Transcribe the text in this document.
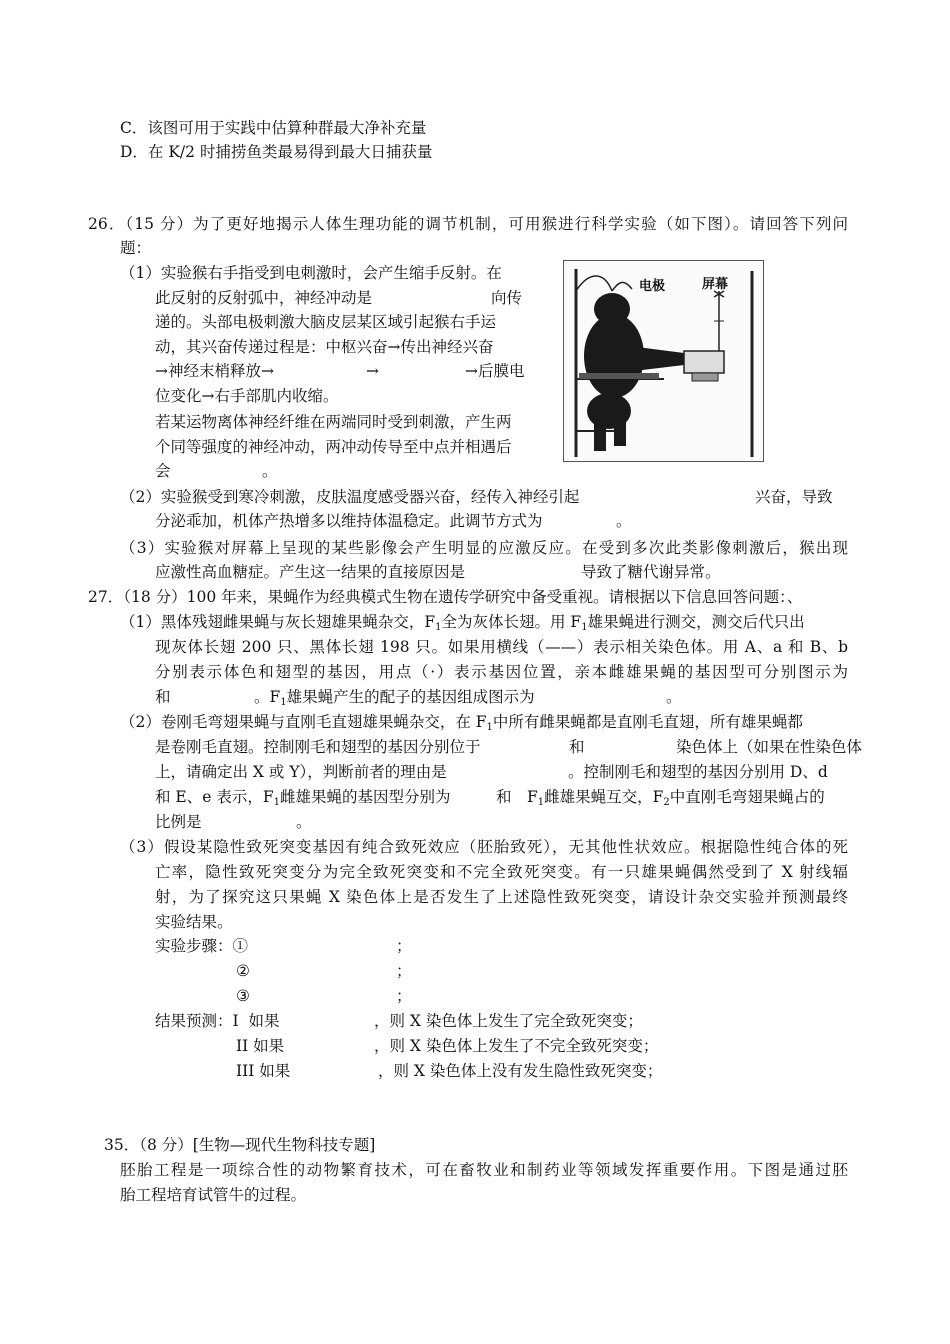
C．该图可用于实践中估算种群最大净补充量
D．在 K/2 时捕捞鱼类最易得到最大日捕获量
26．（15 分）为了更好地揭示人体生理功能的调节机制，可用猴进行科学实验（如下图）。请回答下列问
题：
（1）实验猴右手指受到电刺激时，会产生缩手反射。在
此反射的反射弧中，神经冲动是	向传
递的。头部电极刺激大脑皮层某区域引起猴右手运
动，其兴奋传递过程是：中枢兴奋→传出神经兴奋
→神经末梢释放→	→	→后膜电
位变化→右手部肌内收缩。
若某运物离体神经纤维在两端同时受到刺激，产生两
个同等强度的神经冲动，两冲动传导至中点并相遇后
会	。
电极	屏幕
（2）实验猴受到寒冷刺激，皮肤温度感受器兴奋，经传入神经引起	兴奋，导致
分泌乖加，机体产热增多以维持体温稳定。此调节方式为	。
（3）实验猴对屏幕上呈现的某些影像会产生明显的应激反应。在受到多次此类影像刺激后，猴出现
应激性高血糖症。产生这一结果的直接原因是	导致了糖代谢异常。
27．（18 分）100 年来，果蝇作为经典模式生物在遗传学研究中备受重视。请根据以下信息回答问题：、
（1）黑体残翅雌果蝇与灰长翅雄果蝇杂交，$F_1$全为灰体长翅。用 $F_1$雄果蝇进行测交，测交后代只出
现灰体长翅 200 只、黑体长翅 198 只。如果用横线（——）表示相关染色体。用 A、a 和 B、b
分别表示体色和翅型的基因，用点（·）表示基因位置，亲本雌雄果蝇的基因型可分别图示为
和	。$F_1$雄果蝇产生的配子的基因组成图示为	。
（2）卷刚毛弯翅果蝇与直刚毛直翅雄果蝇杂交，在 $F_1$中所有雌果蝇都是直刚毛直翅，所有雄果蝇都
是卷刚毛直翅。控制刚毛和翅型的基因分别位于	和	染色体上（如果在性染色体
上，请确定出 X 或 Y），判断前者的理由是	。控制刚毛和翅型的基因分别用 D、d
和 E、e 表示，$F_1$雌雄果蝇的基因型分别为	和 $F_1$雌雄果蝇互交，$F_2$中直刚毛弯翅果蝇占的
比例是	。
（3）假设某隐性致死突变基因有纯合致死效应（胚胎致死），无其他性状效应。根据隐性纯合体的死
亡率，隐性致死突变分为完全致死突变和不完全致死突变。有一只雄果蝇偶然受到了 X 射线辐
射，为了探究这只果蝇 X 染色体上是否发生了上述隐性致死突变，请设计杂交实验并预测最终
实验结果。
实验步骤：①	；
②	；
③	；
结果预测：I  如果	，则 X 染色体上发生了完全致死突变；
II 如果	，则 X 染色体上发生了不完全致死突变；
III 如果	，则 X 染色体上没有发生隐性致死突变；
35．（8 分）[生物—现代生物科技专题]
胚胎工程是一项综合性的动物繁育技术，可在畜牧业和制药业等领域发挥重要作用。下图是通过胚
胎工程培育试管牛的过程。
